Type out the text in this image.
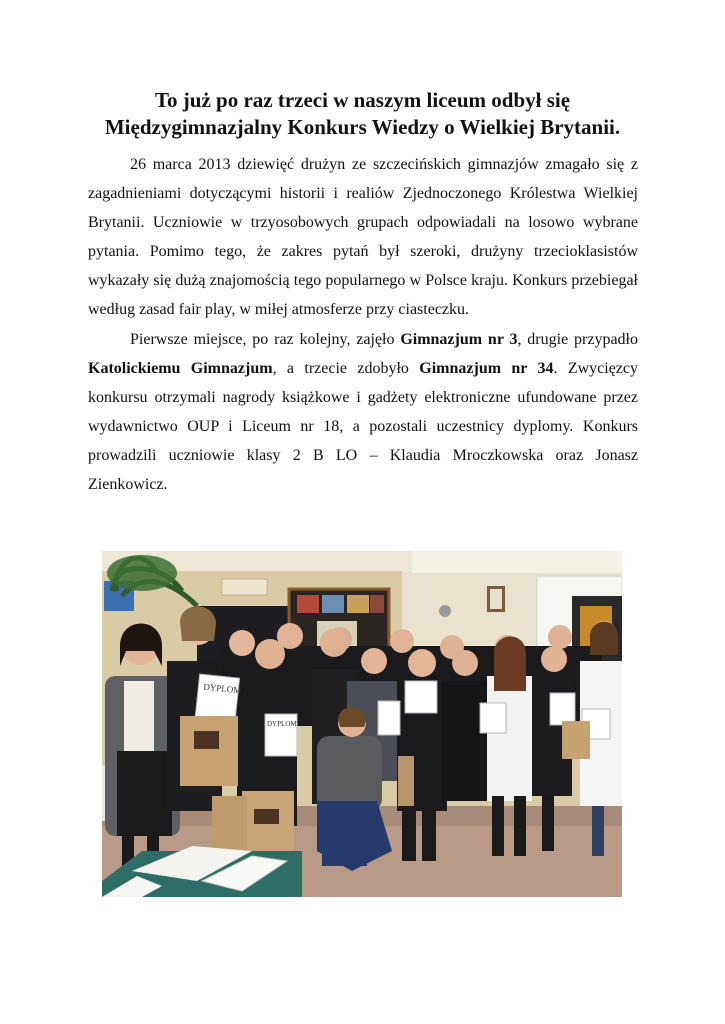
To już po raz trzeci w naszym liceum odbył się
Międzygimnazjalny Konkurs Wiedzy o Wielkiej Brytanii.

26 marca 2013 dziewięć drużyn ze szczecińskich gimnazjów zmagało się z zagadnieniami dotyczącymi historii i realiów Zjednoczonego Królestwa Wielkiej Brytanii. Uczniowie w trzyosobowych grupach odpowiadali na losowo wybrane pytania. Pomimo tego, że zakres pytań był szeroki, drużyny trzecioklasistów wykazały się dużą znajomością tego popularnego w Polsce kraju. Konkurs przebiegał według zasad fair play, w miłej atmosferze przy ciasteczku.

Pierwsze miejsce, po raz kolejny, zajęło Gimnazjum nr 3, drugie przypadło Katolickiemu Gimnazjum, a trzecie zdobyło Gimnazjum nr 34. Zwycięzcy konkursu otrzymali nagrody książkowe i gadżety elektroniczne ufundowane przez wydawnictwo OUP i Liceum nr 18, a pozostali uczestnicy dyplomy. Konkurs prowadzili uczniowie klasy 2 B LO – Klaudia Mroczkowska oraz Jonasz Zienkowicz.

DYPLOM
DYPLOM
